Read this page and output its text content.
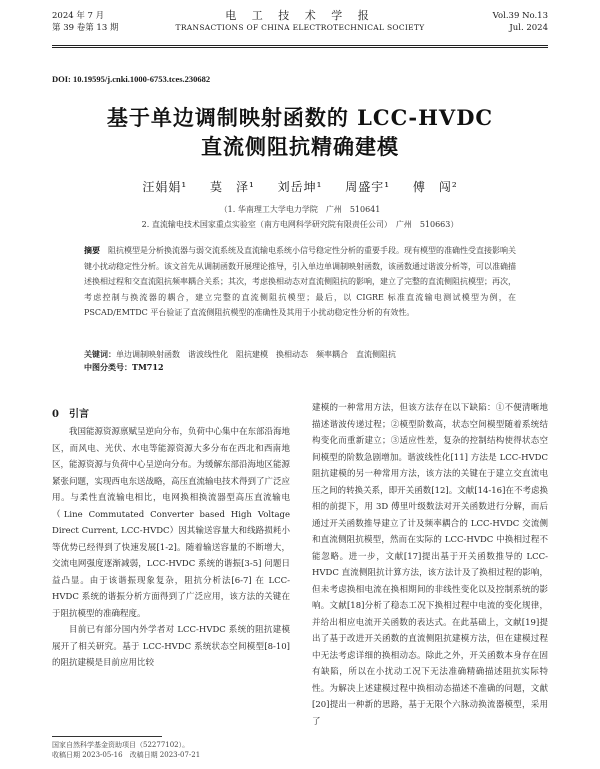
2024 年 7 月
第 39 卷第 13 期
电 工 技 术 学 报
TRANSACTIONS OF CHINA ELECTROTECHNICAL SOCIETY
Vol.39 No.13
Jul. 2024
DOI: 10.19595/j.cnki.1000-6753.tces.230682
基于单边调制映射函数的 LCC-HVDC
直流侧阻抗精确建模
汪娟娟¹ 莫　泽¹ 刘岳坤¹ 周盛宇¹ 傅　闯²
（1. 华南理工大学电力学院　广州　510641
2. 直流输电技术国家重点实验室（南方电网科学研究院有限责任公司）　广州　510663）
摘要　 阻抗模型是分析换流器与弱交流系统及直流输电系统小信号稳定性分析的重要手段。现有模型的准确性受直接影响关键小扰动稳定性分析。该文首先从调制函数开展理论推导，引入单边单调制映射函数，该函数通过谐波分析等，可以准确描述换相过程和交直流阻抗频率耦合关系；其次，考虑换相动态对直流侧阻抗的影响，建立了完整的直流侧阻抗模型；再次，考虑控制与换流器的耦合，建立完整的直流侧阻抗模型；最后，以 CIGRE 标准直流输电测试模型为例，在 PSCAD/EMTDC 平台验证了直流侧阻抗模型的准确性及其用于小扰动稳定性分析的有效性。
关键词：单边调制映射函数　谐波线性化　阻抗建模　换相动态　频率耦合　直流侧阻抗
中图分类号：TM712
0　引言

我国能源资源禀赋呈逆向分布，负荷中心集中在东部沿海地区，而风电、光伏、水电等能源资源大多分布在西北和西南地区，能源资源与负荷中心呈逆向分布。为缓解东部沿海地区能源紧张问题，实现西电东送战略，高压直流输电技术得到了广泛应用。与柔性直流输电相比，电网换相换流器型高压直流输电（Line Commutated Converter based High Voltage Direct Current, LCC-HVDC）因其输送容量大和线路损耗小等优势已经得到了快速发展[1-2]。随着输送容量的不断增大，交流电网强度逐渐减弱，LCC-HVDC 系统的谐振[3-5] 问题日益凸显。由于该谐振现象复杂，阻抗分析法[6-7] 在 LCC-HVDC 系统的谐振分析方面得到了广泛应用，该方法的关键在于阻抗模型的准确程度。

目前已有部分国内外学者对 LCC-HVDC 系统的阻抗建模展开了相关研究。基于 LCC-HVDC 系统状态空间模型[8-10] 的阻抗建模是目前应用比较

建模的一种常用方法，但该方法存在以下缺陷：①不便清晰地描述谐波传递过程；②模型阶数高，状态空间模型随着系统结构变化而重新建立；③适应性差，复杂的控制结构使得状态空间模型的阶数急剧增加。谐波线性化[11] 方法是 LCC-HVDC 阻抗建模的另一种常用方法，该方法的关键在于建立交直流电压之间的转换关系，即开关函数[12]。文献[14-16]在不考虑换相的前提下，用 3D 傅里叶级数法对开关函数进行分解，而后通过开关函数推导建立了计及频率耦合的 LCC-HVDC 交流侧和直流侧阻抗模型，然而在实际的 LCC-HVDC 中换相过程不能忽略。进一步，文献[17]提出基于开关函数推导的 LCC-HVDC 直流侧阻抗计算方法，该方法计及了换相过程的影响，但未考虑换相电流在换相期间的非线性变化以及控制系统的影响。文献[18]分析了稳态工况下换相过程中电流的变化规律，并给出相应电流开关函数的表达式。在此基础上，文献[19]提出了基于改进开关函数的直流侧阻抗建模方法，但在建模过程中无法考虑详细的换相动态。除此之外，开关函数本身存在固有缺陷，所以在小扰动工况下无法准确精确描述阻抗实际特性。为解决上述建模过程中换相动态描述不准确的问题，文献[20]提出一种新的思路，基于无限个六脉动换流器模型，采用了

国家自然科学基金资助项目（52277102）。
收稿日期 2023-05-16　改稿日期 2023-07-21
